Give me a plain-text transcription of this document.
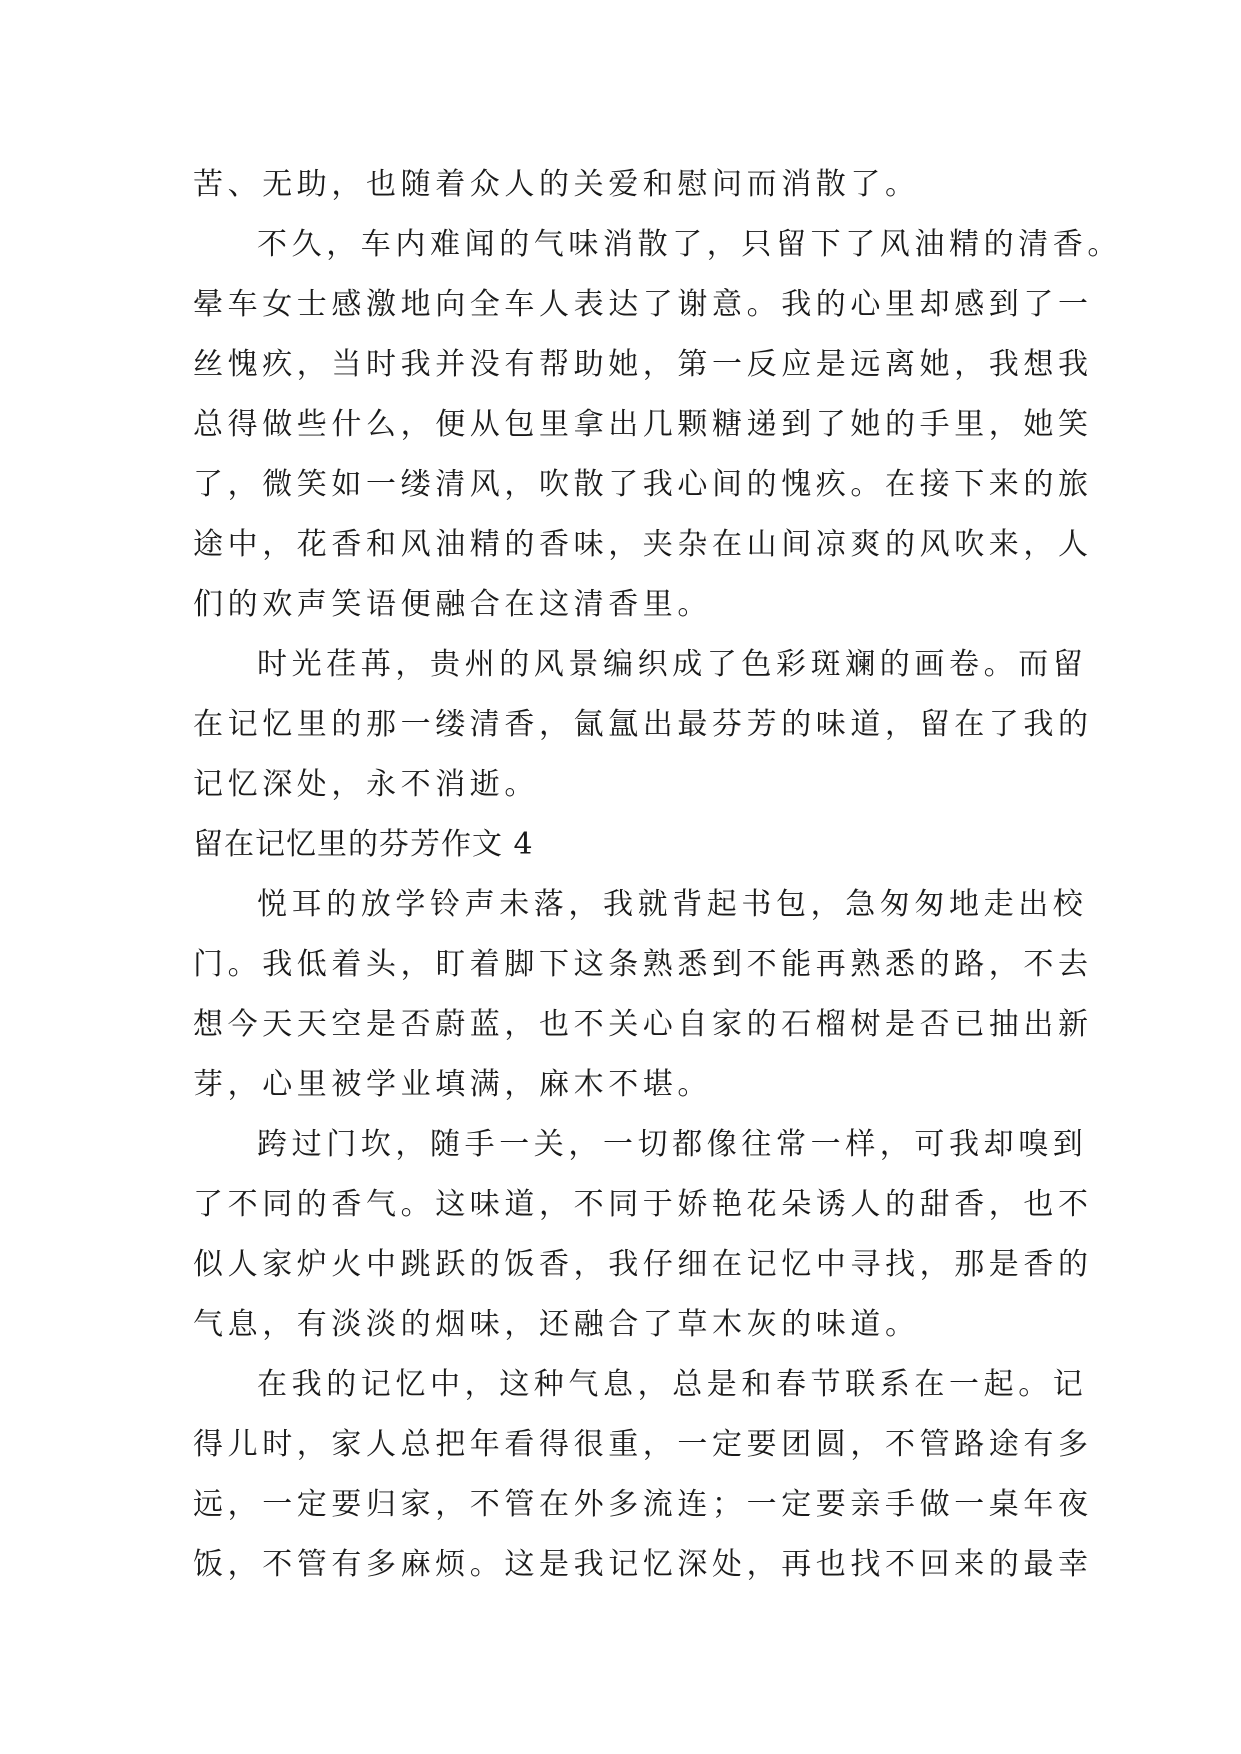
苦、无助，也随着众人的关爱和慰问而消散了。
不久，车内难闻的气味消散了，只留下了风油精的清香。
晕车女士感激地向全车人表达了谢意。我的心里却感到了一
丝愧疚，当时我并没有帮助她，第一反应是远离她，我想我
总得做些什么，便从包里拿出几颗糖递到了她的手里，她笑
了，微笑如一缕清风，吹散了我心间的愧疚。在接下来的旅
途中，花香和风油精的香味，夹杂在山间凉爽的风吹来，人
们的欢声笑语便融合在这清香里。
时光荏苒，贵州的风景编织成了色彩斑斓的画卷。而留
在记忆里的那一缕清香，氤氲出最芬芳的味道，留在了我的
记忆深处，永不消逝。
留在记忆里的芬芳作文 4
悦耳的放学铃声未落，我就背起书包，急匆匆地走出校
门。我低着头，盯着脚下这条熟悉到不能再熟悉的路，不去
想今天天空是否蔚蓝，也不关心自家的石榴树是否已抽出新
芽，心里被学业填满，麻木不堪。
跨过门坎，随手一关，一切都像往常一样，可我却嗅到
了不同的香气。这味道，不同于娇艳花朵诱人的甜香，也不
似人家炉火中跳跃的饭香，我仔细在记忆中寻找，那是香的
气息，有淡淡的烟味，还融合了草木灰的味道。
在我的记忆中，这种气息，总是和春节联系在一起。记
得儿时，家人总把年看得很重，一定要团圆，不管路途有多
远，一定要归家，不管在外多流连；一定要亲手做一桌年夜
饭，不管有多麻烦。这是我记忆深处，再也找不回来的最幸
